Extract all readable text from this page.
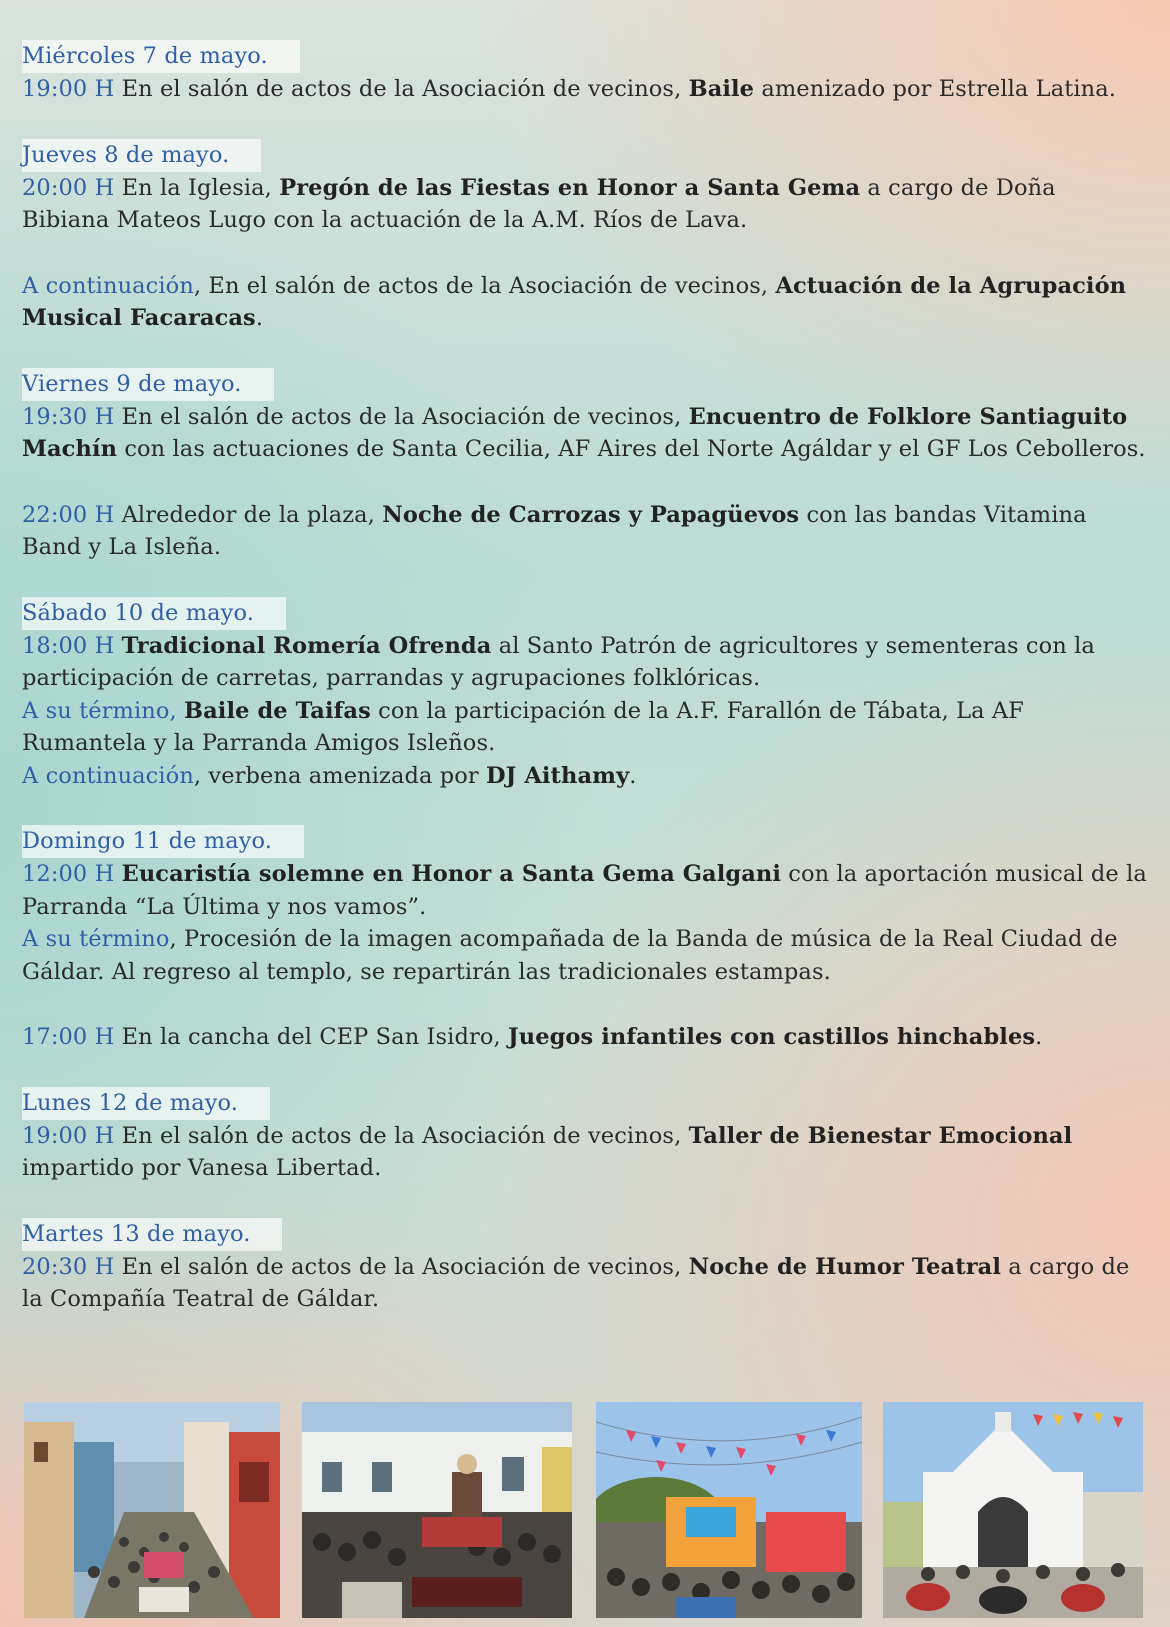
Miércoles 7 de mayo.
19:00 H En el salón de actos de la Asociación de vecinos, Baile amenizado por Estrella Latina.
Jueves 8 de mayo.
20:00 H En la Iglesia, Pregón de las Fiestas en Honor a Santa Gema a cargo de Doña Bibiana Mateos Lugo con la actuación de la A.M. Ríos de Lava.
A continuación, En el salón de actos de la Asociación de vecinos, Actuación de la Agrupación Musical Facaracas.
Viernes 9 de mayo.
19:30 H En el salón de actos de la Asociación de vecinos, Encuentro de Folklore Santiaguito Machín con las actuaciones de Santa Cecilia, AF Aires del Norte Agáldar y el GF Los Cebolleros.
22:00 H Alrededor de la plaza, Noche de Carrozas y Papagüevos con las bandas Vitamina Band y La Isleña.
Sábado 10 de mayo.
18:00 H Tradicional Romería Ofrenda al Santo Patrón de agricultores y sementeras con la participación de carretas, parrandas y agrupaciones folklóricas.
A su término, Baile de Taifas con la participación de la A.F. Farallón de Tábata, La AF Rumantela y la Parranda Amigos Isleños.
A continuación, verbena amenizada por DJ Aithamy.
Domingo 11 de mayo.
12:00 H Eucaristía solemne en Honor a Santa Gema Galgani con la aportación musical de la Parranda “La Última y nos vamos”.
A su término, Procesión de la imagen acompañada de la Banda de música de la Real Ciudad de Gáldar. Al regreso al templo, se repartirán las tradicionales estampas.
17:00 H En la cancha del CEP San Isidro, Juegos infantiles con castillos hinchables.
Lunes 12 de mayo.
19:00 H En el salón de actos de la Asociación de vecinos, Taller de Bienestar Emocional impartido por Vanesa Libertad.
Martes 13 de mayo.
20:30 H En el salón de actos de la Asociación de vecinos, Noche de Humor Teatral a cargo de la Compañía Teatral de Gáldar.
